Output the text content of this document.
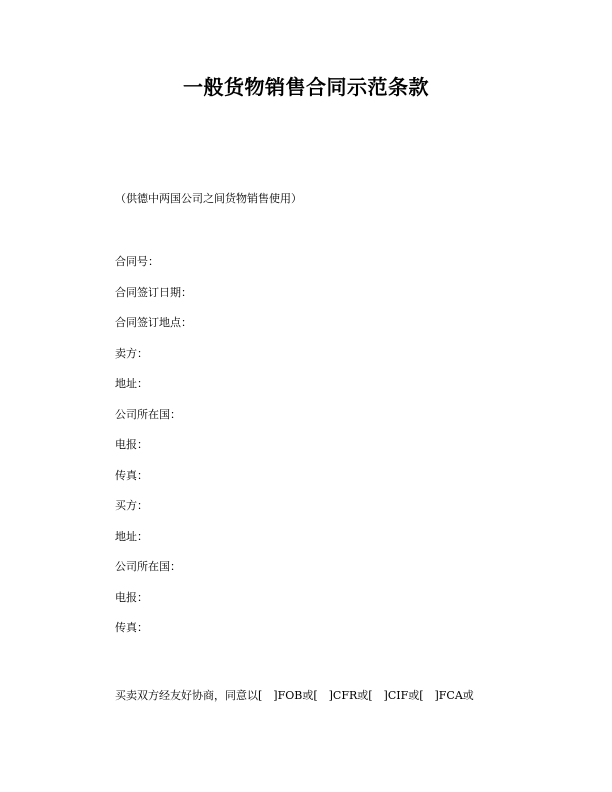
一般货物销售合同示范条款
（供德中两国公司之间货物销售使用）
合同号：
合同签订日期：
合同签订地点：
卖方：
地址：
公司所在国：
电报：
传真：
买方：
地址：
公司所在国：
电报：
传真：
买卖双方经友好协商，同意以[　]FOB或[　]CFR或[　]CIF或[　]FCA或
